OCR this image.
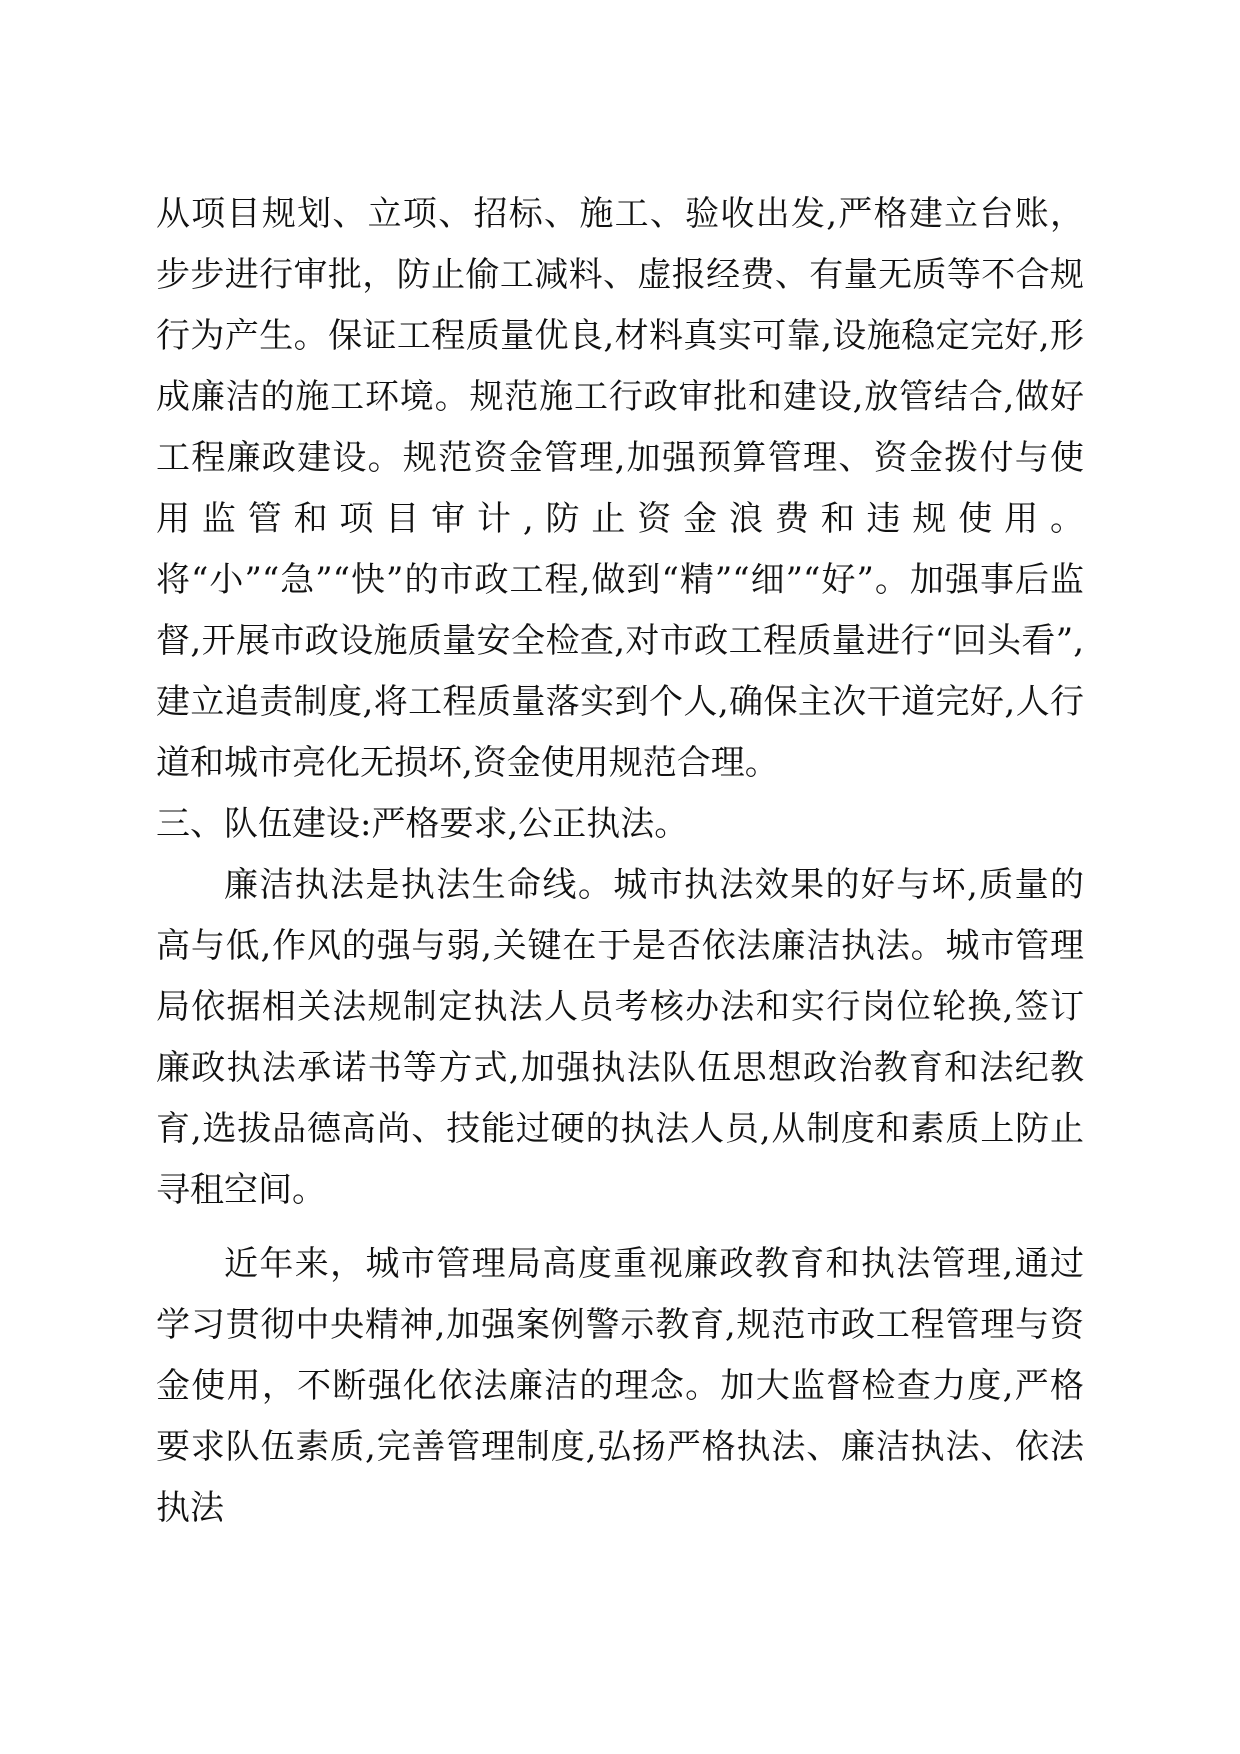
从项目规划、立项、招标、施工、验收出发,严格建立台账，步步进行审批，防止偷工减料、虚报经费、有量无质等不合规行为产生。保证工程质量优良,材料真实可靠,设施稳定完好,形成廉洁的施工环境。规范施工行政审批和建设,放管结合,做好工程廉政建设。规范资金管理,加强预算管理、资金拨付与使用监管和项目审计,防止资金浪费和违规使用。将“小”“急”“快”的市政工程,做到“精”“细”“好”。加强事后监督,开展市政设施质量安全检查,对市政工程质量进行“回头看”,建立追责制度,将工程质量落实到个人,确保主次干道完好,人行道和城市亮化无损坏,资金使用规范合理。

三、队伍建设:严格要求,公正执法。

廉洁执法是执法生命线。城市执法效果的好与坏,质量的高与低,作风的强与弱,关键在于是否依法廉洁执法。城市管理局依据相关法规制定执法人员考核办法和实行岗位轮换,签订廉政执法承诺书等方式,加强执法队伍思想政治教育和法纪教育,选拔品德高尚、技能过硬的执法人员,从制度和素质上防止寻租空间。

近年来，城市管理局高度重视廉政教育和执法管理,通过学习贯彻中央精神,加强案例警示教育,规范市政工程管理与资金使用，不断强化依法廉洁的理念。加大监督检查力度,严格要求队伍素质,完善管理制度,弘扬严格执法、廉洁执法、依法执法
